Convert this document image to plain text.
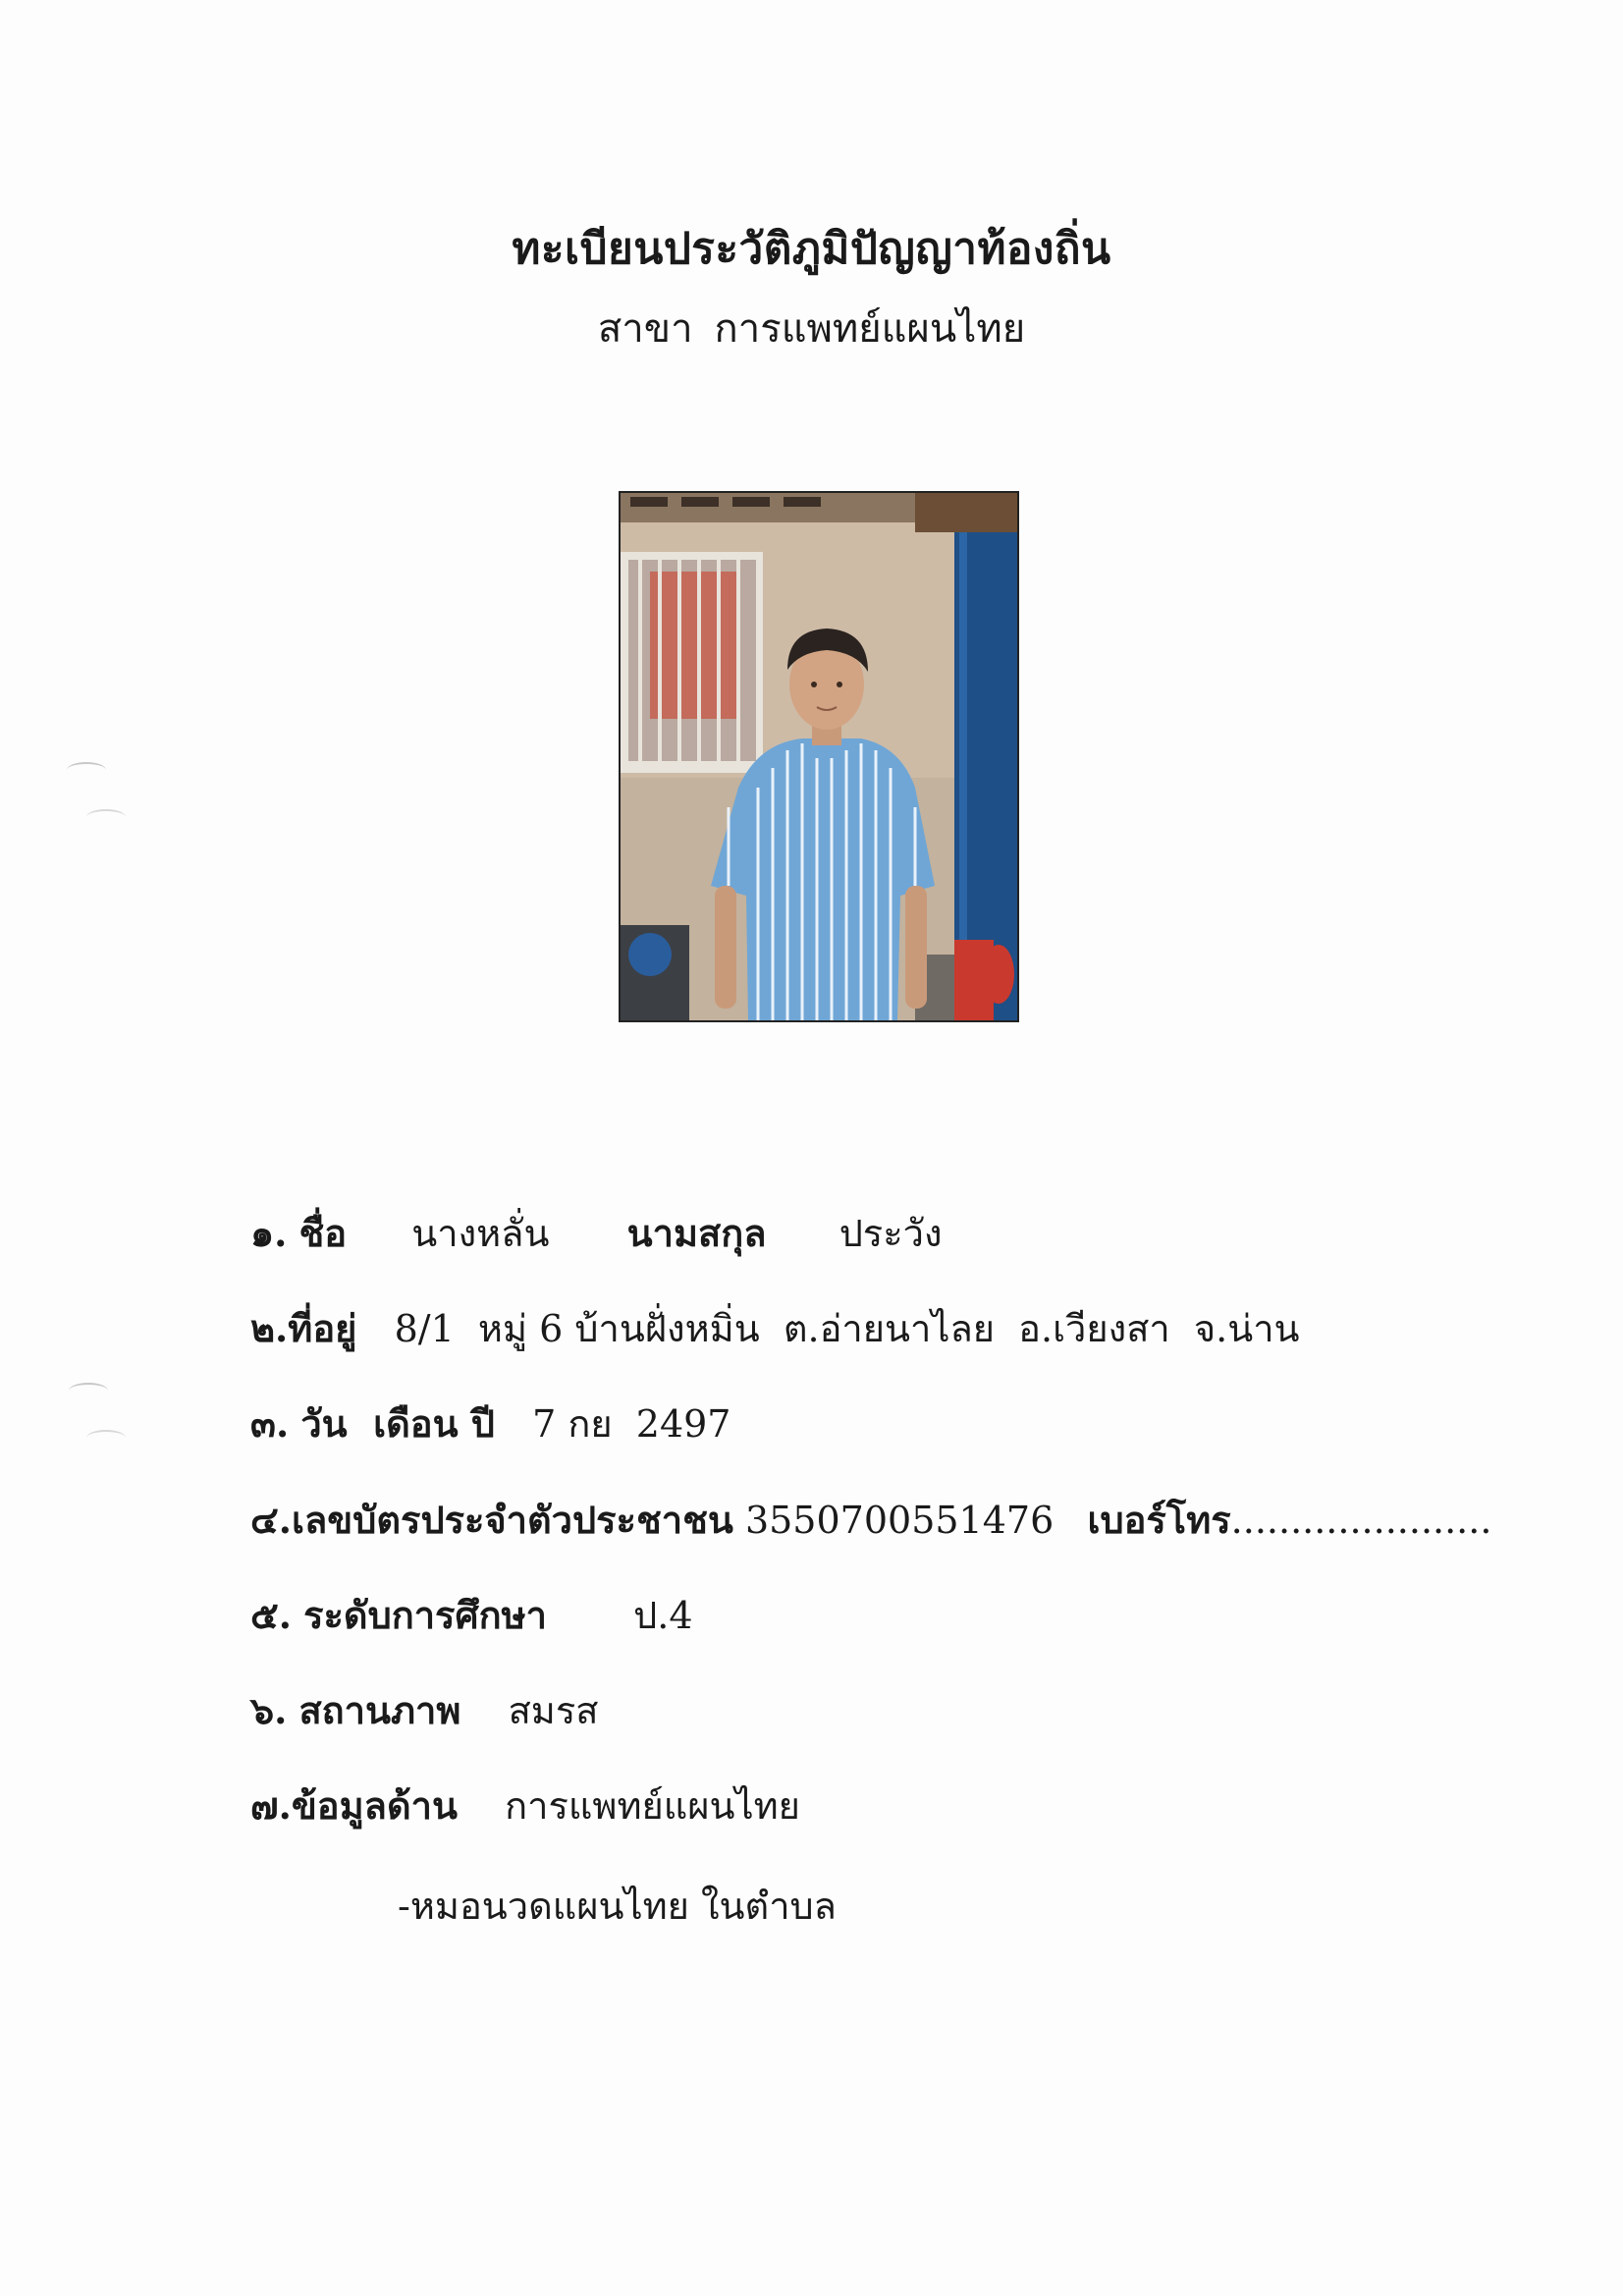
ทะเบียนประวัติภูมิปัญญาท้องถิ่น
สาขา การแพทย์แผนไทย
๑. ชื่อ นางหลั่น นามสกุล ประวัง
๒.ที่อยู่ 8/1  หมู่ 6 บ้านฝั่งหมิ่น  ต.อ่ายนาไลย  อ.เวียงสา  จ.น่าน
๓. วัน  เดือน ปี 7 กย  2497
๔.เลขบัตรประจำตัวประชาชน 3550700551476 เบอร์โทร......................
๕. ระดับการศึกษา ป.4
๖. สถานภาพ สมรส
๗.ข้อมูลด้าน การแพทย์แผนไทย
-หมอนวดแผนไทย ในตำบล
